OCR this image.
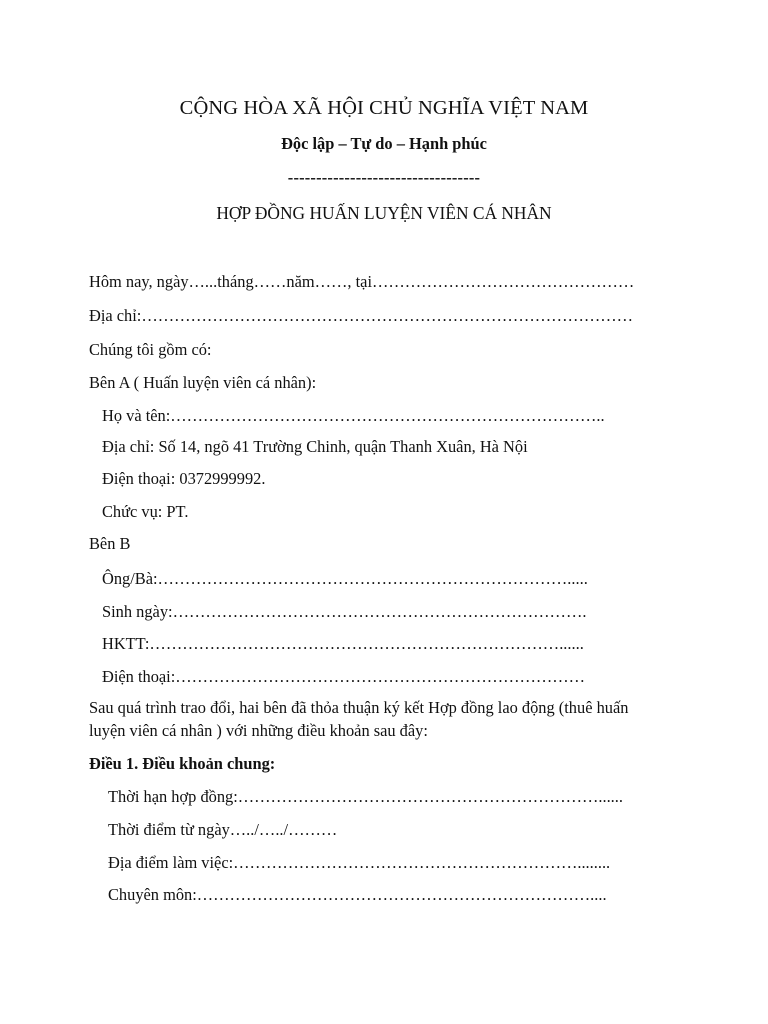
CỘNG HÒA XÃ HỘI CHỦ NGHĨA VIỆT NAM
Độc lập – Tự do – Hạnh phúc
----------------------------------
HỢP ĐỒNG HUẤN LUYỆN VIÊN CÁ NHÂN
Hôm nay, ngày…...tháng……năm……, tại…………………………………………
Địa chỉ:………………………………………………………………………………
Chúng tôi gồm có:
Bên A ( Huấn luyện viên cá nhân):
Họ và tên:……………………………………………………………………..
Địa chỉ: Số 14, ngõ 41 Trường Chinh, quận Thanh Xuân, Hà Nội
Điện thoại: 0372999992.
Chức vụ: PT.
Bên B
Ông/Bà:………………………………………………………………….....
Sinh ngày:………………………………………………………………….
HKTT:…………………………………………………………………......
Điện thoại:…………………………………………………………………
Sau quá trình trao đổi, hai bên đã thỏa thuận ký kết Hợp đồng lao động (thuê huấn
luyện viên cá nhân ) với những điều khoản sau đây:
Điều 1. Điều khoản chung:
Thời hạn hợp đồng:…………………………………………………………......
Thời điểm từ ngày…../…../………
Địa điểm làm việc:………………………………………………………........
Chuyên môn:………………………………………………………………....
